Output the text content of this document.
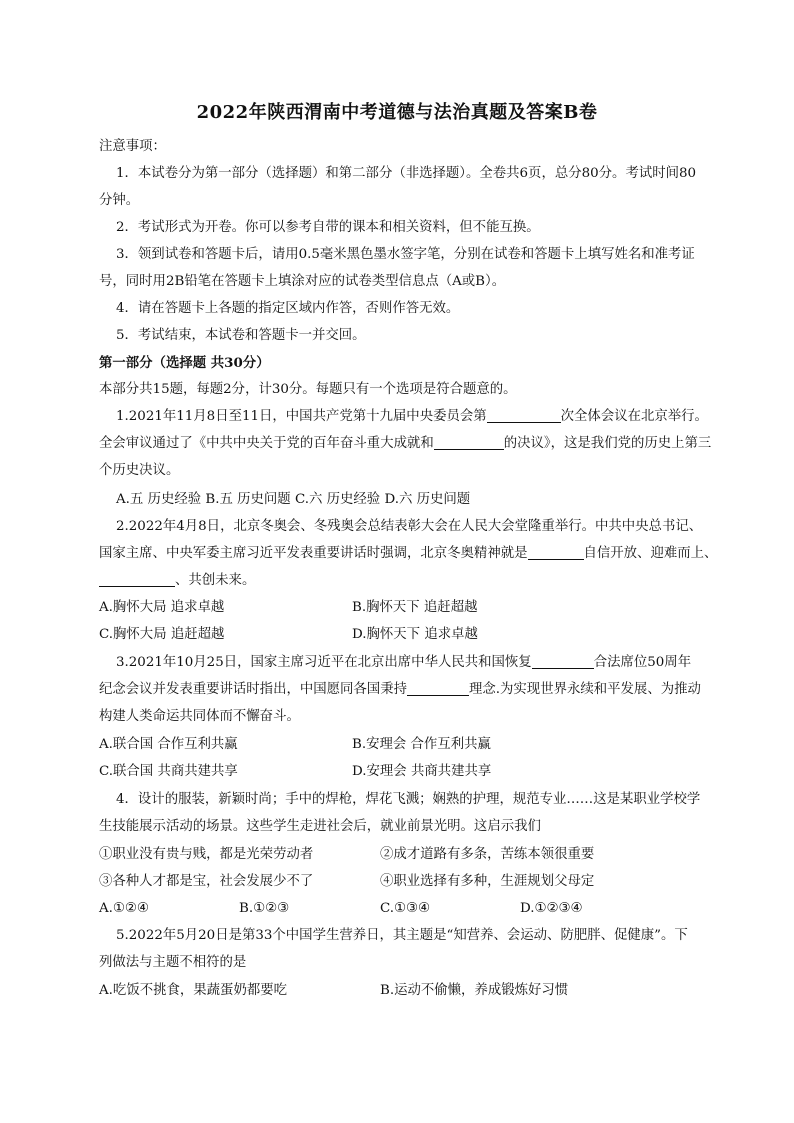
2022年陕西渭南中考道德与法治真题及答案B卷
注意事项：
1．本试卷分为第一部分（选择题）和第二部分（非选择题）。全卷共6页，总分80分。考试时间80
分钟。
2．考试形式为开卷。你可以参考自带的课本和相关资料，但不能互换。
3．领到试卷和答题卡后，请用0.5毫米黑色墨水签字笔，分别在试卷和答题卡上填写姓名和准考证
号，同时用2B铅笔在答题卡上填涂对应的试卷类型信息点（A或B）。
4．请在答题卡上各题的指定区域内作答，否则作答无效。
5．考试结束，本试卷和答题卡一并交回。
第一部分（选择题 共30分）
本部分共15题，每题2分，计30分。每题只有一个选项是符合题意的。
1.2021年11月8日至11日，中国共产党第十九届中央委员会第	次全体会议在北京举行。
全会审议通过了《中共中央关于党的百年奋斗重大成就和	的决议》，这是我们党的历史上第三
个历史决议。
A.五 历史经验 B.五 历史问题 C.六 历史经验 D.六 历史问题
2.2022年4月8日，北京冬奥会、冬残奥会总结表彰大会在人民大会堂隆重举行。中共中央总书记、
国家主席、中央军委主席习近平发表重要讲话时强调，北京冬奥精神就是	自信开放、迎难而上、
、共创未来。
A.胸怀大局 追求卓越	B.胸怀天下 追赶超越
C.胸怀大局 追赶超越	D.胸怀天下 追求卓越
3.2021年10月25日，国家主席习近平在北京出席中华人民共和国恢复	合法席位50周年
纪念会议并发表重要讲话时指出，中国愿同各国秉持	理念.为实现世界永续和平发展、为推动
构建人类命运共同体而不懈奋斗。
A.联合国 合作互利共赢	B.安理会 合作互利共赢
C.联合国 共商共建共享	D.安理会 共商共建共享
4．设计的服装，新颖时尚；手中的焊枪，焊花飞溅；娴熟的护理，规范专业……这是某职业学校学
生技能展示活动的场景。这些学生走进社会后，就业前景光明。这启示我们
①职业没有贵与贱，都是光荣劳动者	②成才道路有多条，苦练本领很重要
③各种人才都是宝，社会发展少不了	④职业选择有多种，生涯规划父母定
A.①②④	B.①②③	C.①③④	D.①②③④
5.2022年5月20日是第33个中国学生营养日，其主题是“知营养、会运动、防肥胖、促健康”。下
列做法与主题不相符的是
A.吃饭不挑食，果蔬蛋奶都要吃	B.运动不偷懒，养成锻炼好习惯
